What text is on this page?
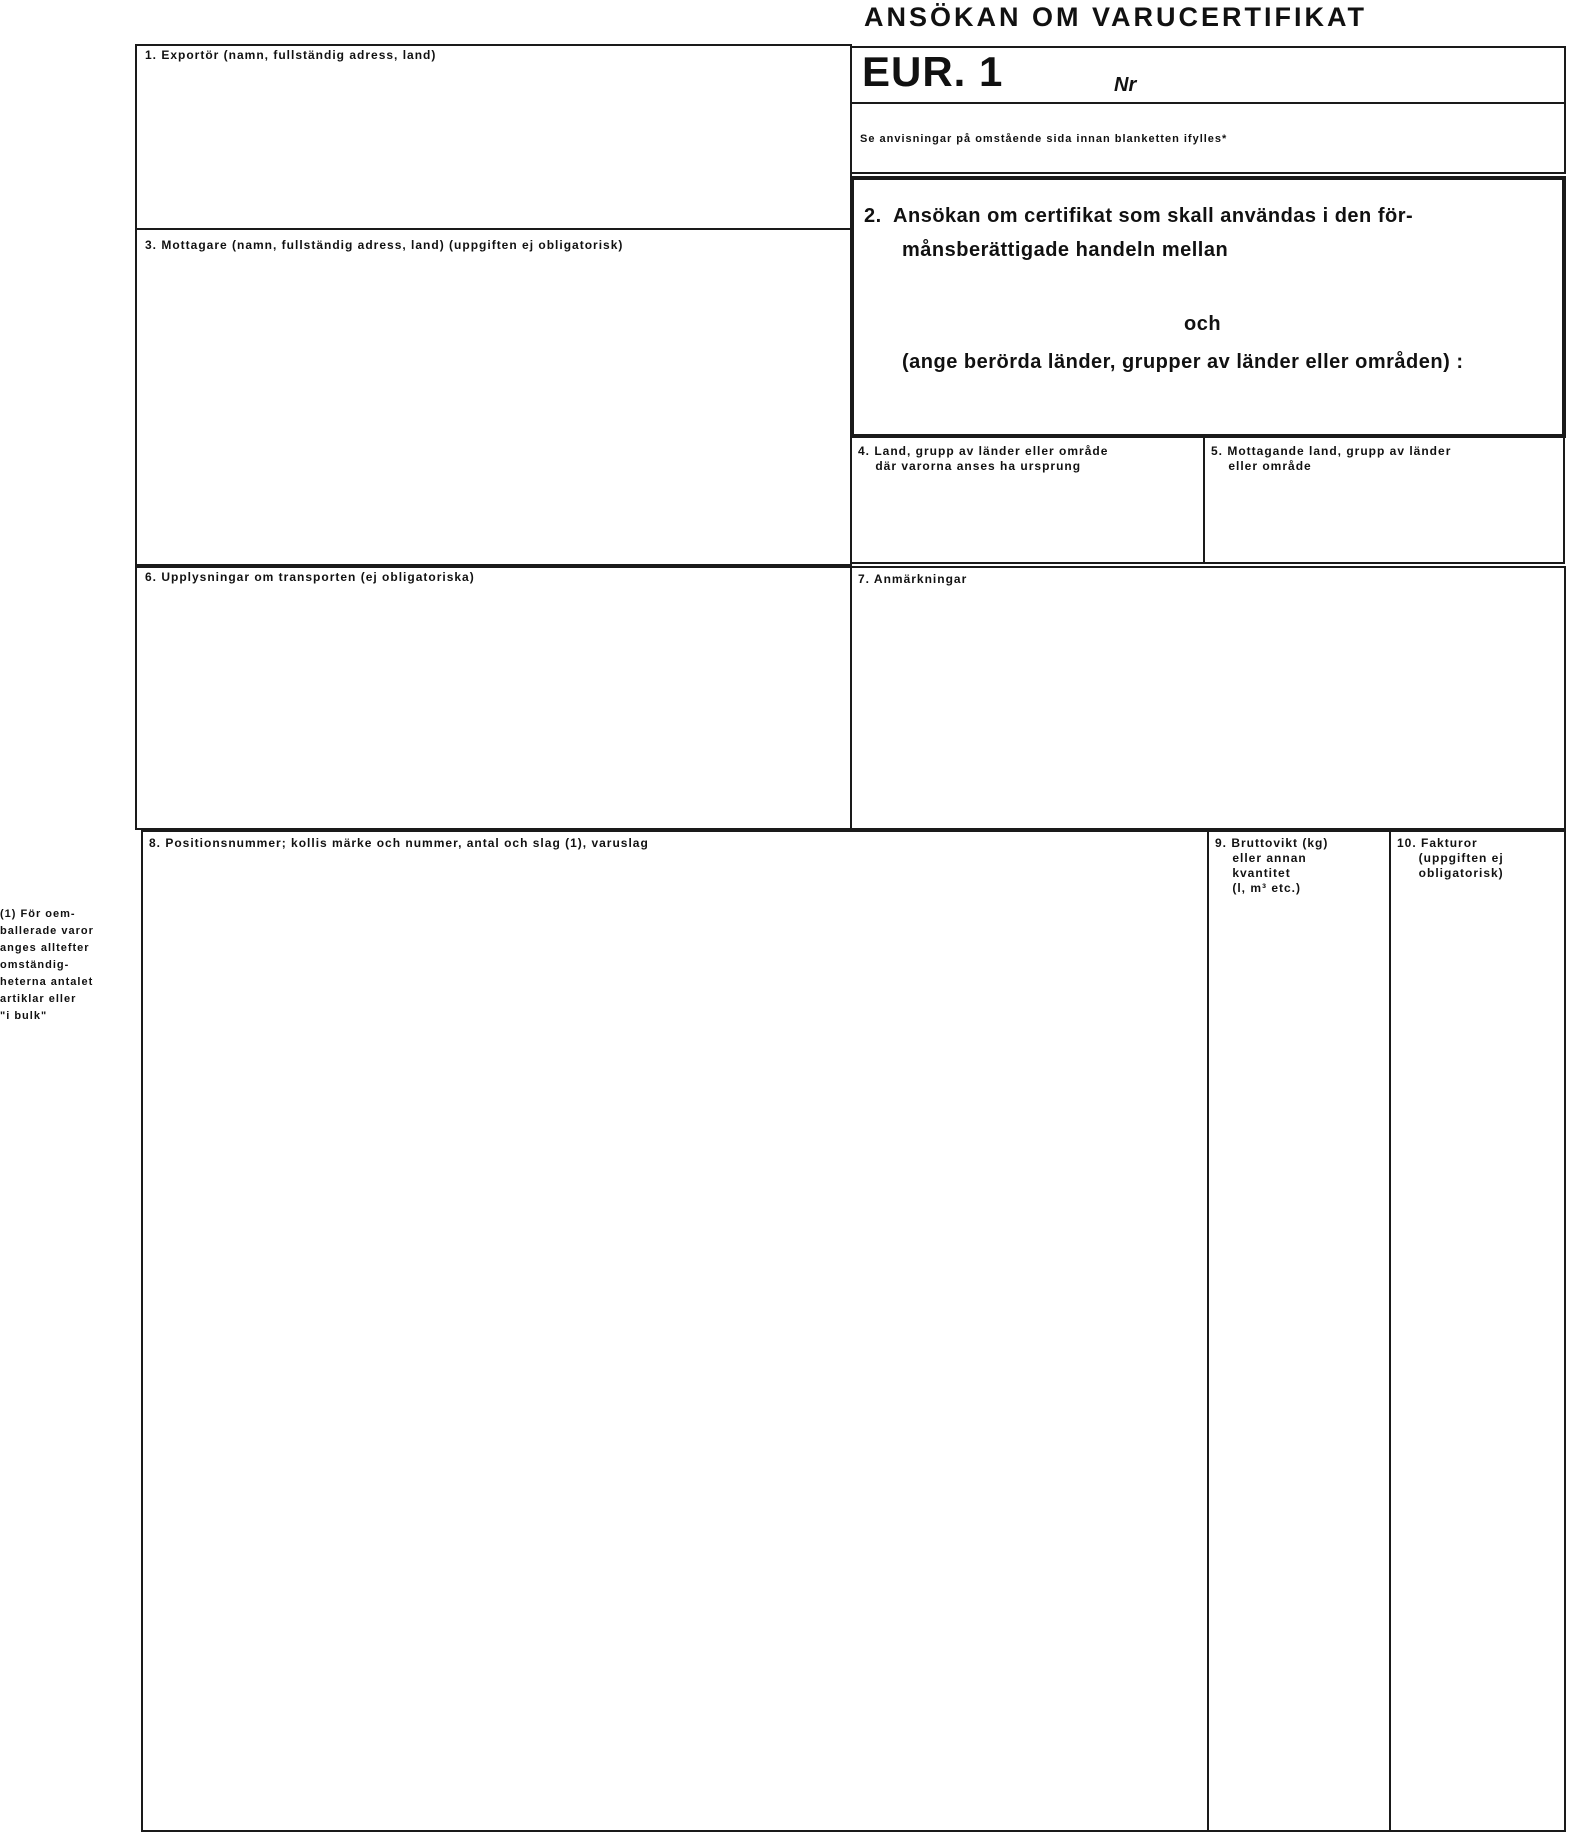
ANSÖKAN OM VARUCERTIFIKAT
(1) För oem-
ballerade varor
anges alltefter
omständig-
heterna antalet
artiklar eller
"i bulk"
1. Exportör (namn, fullständig adress, land)	EUR. 1	Nr
Se anvisningar på omstående sida innan blanketten ifylles*
2.  Ansökan om certifikat som skall användas i den för-
månsberättigade handeln mellan
och
(ange berörda länder, grupper av länder eller områden) :
3. Mottagare (namn, fullständig adress, land) (uppgiften ej obligatorisk)
4. Land, grupp av länder eller område
där varorna anses ha ursprung
5. Mottagande land, grupp av länder
eller område
6. Upplysningar om transporten (ej obligatoriska)	7. Anmärkningar
8. Positionsnummer; kollis märke och nummer, antal och slag (1), varuslag	9. Bruttovikt (kg)
eller annan
kvantitet
(l, m³ etc.)
10. Fakturor
(uppgiften ej
obligatorisk)
